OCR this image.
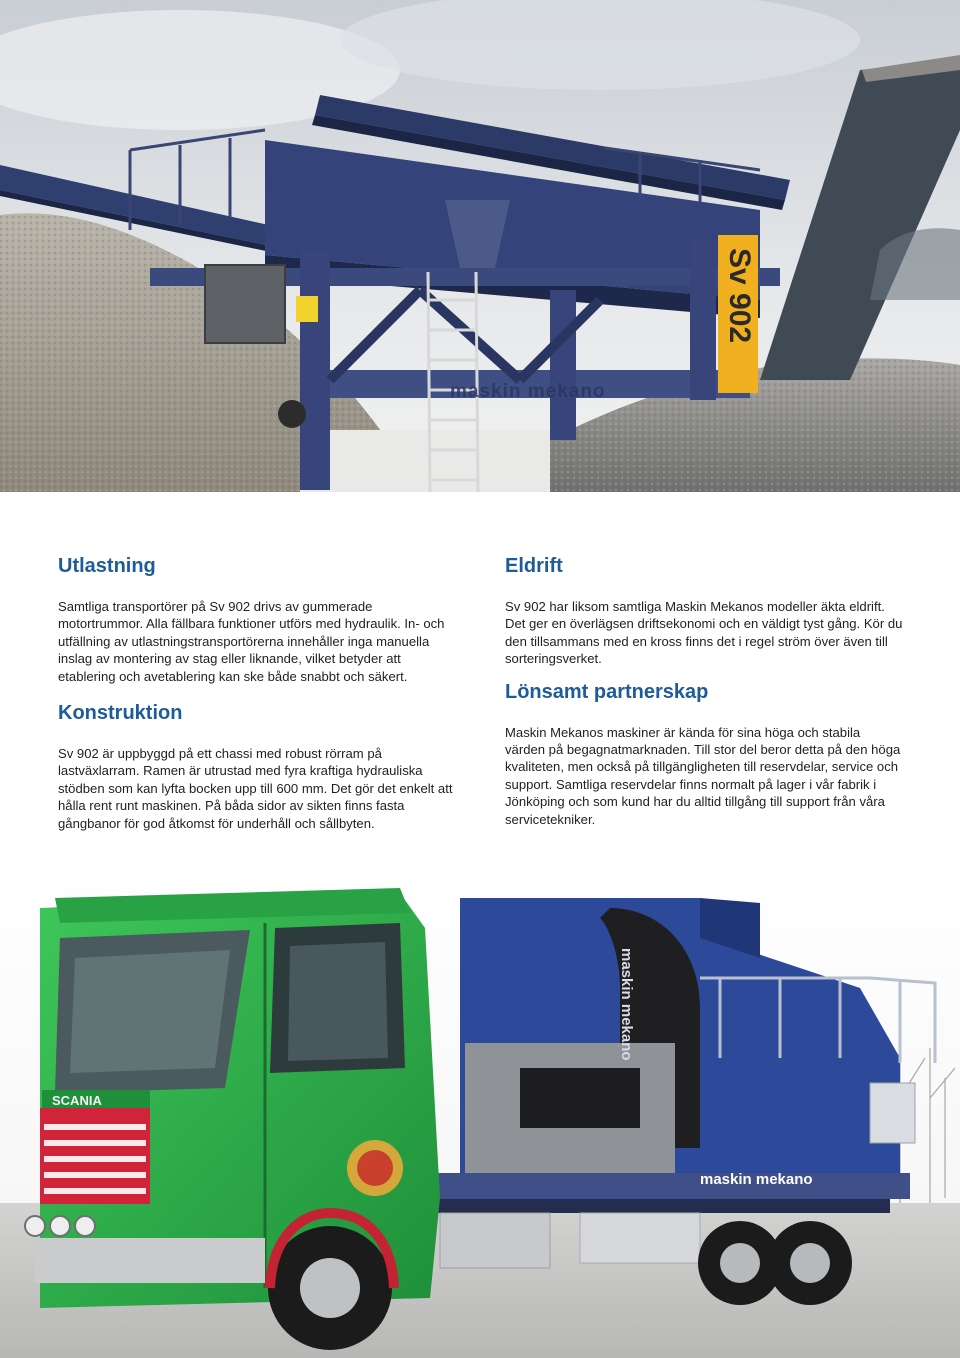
maskin mekano
Sv 902
Utlastning

Samtliga transportörer på Sv 902 drivs av gummerade motortrummor. Alla fällbara funktioner utförs med hydraulik. In- och utfällning av utlastningstransportörerna innehåller inga manuella inslag av montering av stag eller liknande, vilket betyder att etablering och avetablering kan ske både snabbt och säkert.

Konstruktion

Sv 902 är uppbyggd på ett chassi med robust rörram på lastväxlarram. Ramen är utrustad med fyra kraftiga hydrauliska stödben som kan lyfta bocken upp till 600 mm. Det gör det enkelt att hålla rent runt maskinen. På båda sidor av sikten finns fasta gångbanor för god åtkomst för underhåll och sållbyten.

Eldrift

Sv 902 har liksom samtliga Maskin Mekanos modeller äkta eldrift. Det ger en överlägsen driftsekonomi och en väldigt tyst gång. Kör du den tillsammans med en kross finns det i regel ström över även till sorteringsverket.

Lönsamt partnerskap

Maskin Mekanos maskiner är kända för sina höga och stabila värden på begagnatmarknaden. Till stor del beror detta på den höga kvaliteten, men också på tillgängligheten till reservdelar, service och support. Samtliga reservdelar finns normalt på lager i vår fabrik i Jönköping och som kund har du alltid tillgång till support från våra servicetekniker.

maskin mekano
maskin mekano
SCANIA
